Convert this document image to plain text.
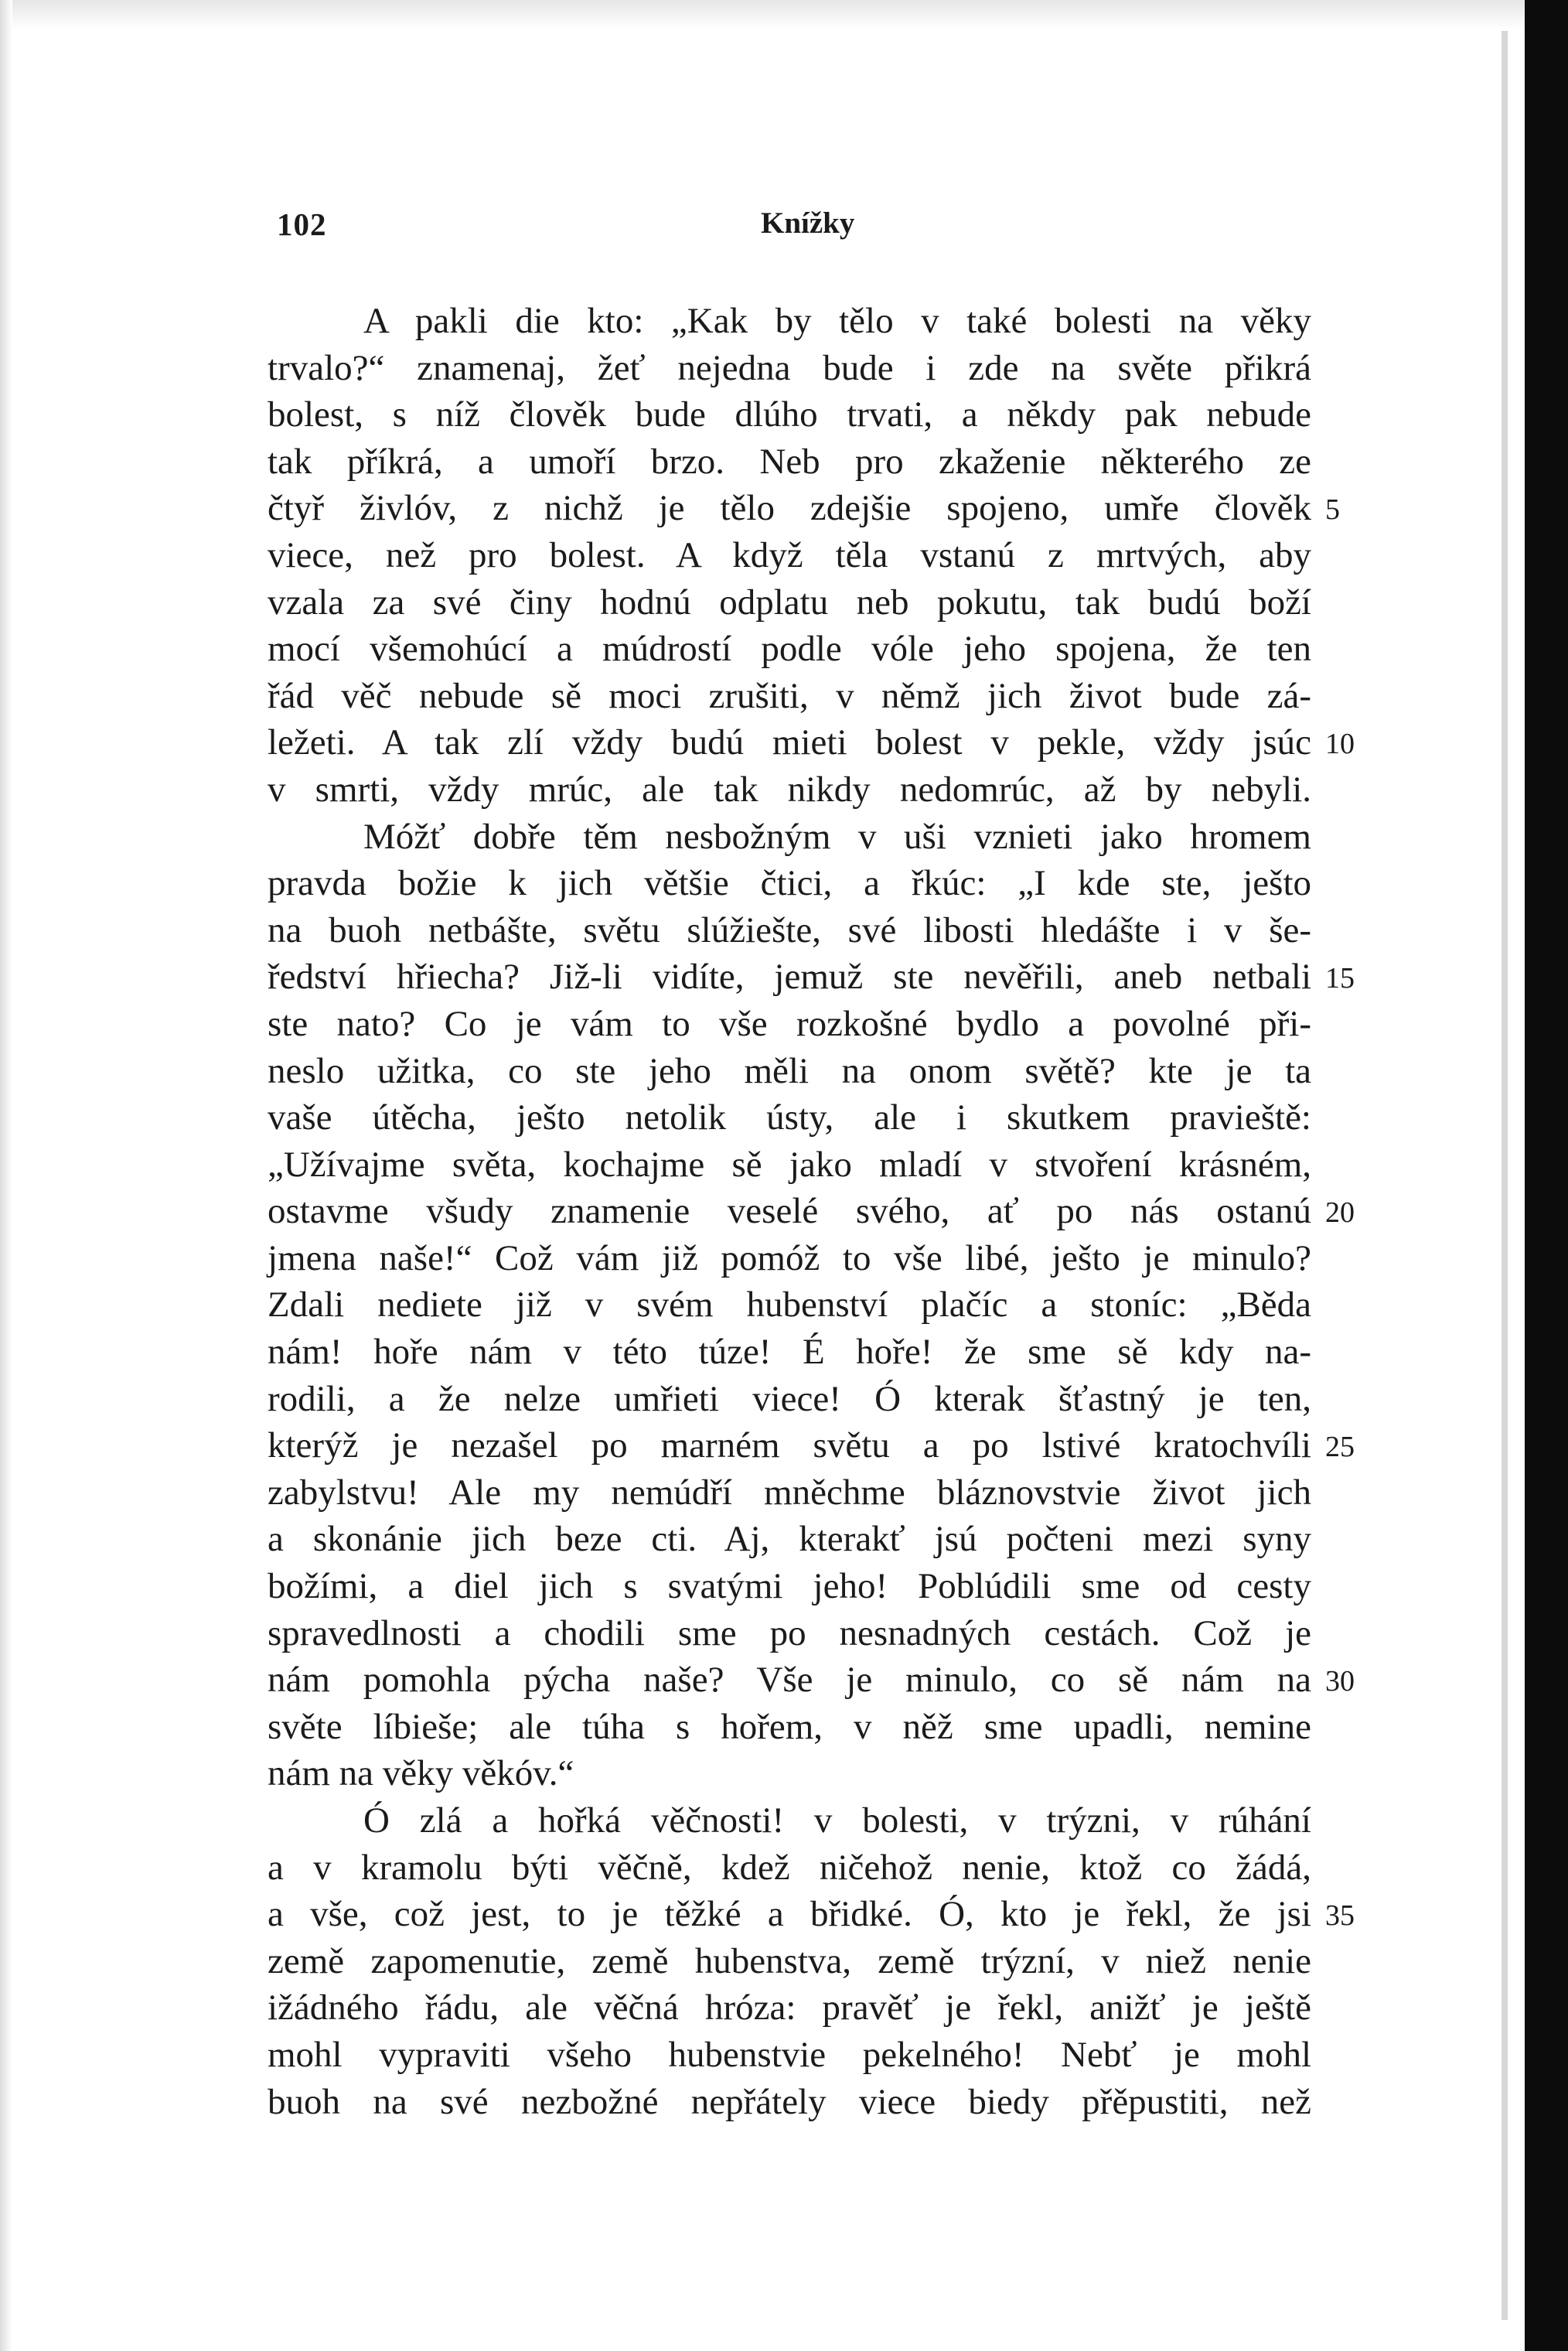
102	Knížky
A pakli die kto: „Kak by tělo v také bolesti na věky
trvalo?“ znamenaj, žeť nejedna bude i zde na světe přikrá
bolest, s níž člověk bude dlúho trvati, a někdy pak nebude
tak příkrá, a umoří brzo. Neb pro zkaženie některého ze
čtyř živlóv, z nichž je tělo zdejšie spojeno, umře člověk
viece, než pro bolest. A když těla vstanú z mrtvých, aby
vzala za své činy hodnú odplatu neb pokutu, tak budú boží
mocí všemohúcí a múdrostí podle vóle jeho spojena, že ten
řád věč nebude sě moci zrušiti, v němž jich život bude zá-
ležeti. A tak zlí vždy budú mieti bolest v pekle, vždy jsúc
v smrti, vždy mrúc, ale tak nikdy nedomrúc, až by nebyli.
Móžť dobře těm nesbožným v uši vznieti jako hromem
pravda božie k jich většie čtici, a řkúc: „I kde ste, ješto
na buoh netbášte, světu slúžiešte, své libosti hledášte i v še-
ředství hřiecha? Již-li vidíte, jemuž ste nevěřili, aneb netbali
ste nato? Co je vám to vše rozkošné bydlo a povolné při-
neslo užitka, co ste jeho měli na onom světě? kte je ta
vaše útěcha, ješto netolik ústy, ale i skutkem pravieště:
„Užívajme světa, kochajme sě jako mladí v stvoření krásném,
ostavme všudy znamenie veselé svého, ať po nás ostanú
jmena naše!“ Což vám již pomóž to vše libé, ješto je minulo?
Zdali nediete již v svém hubenství plačíc a stoníc: „Běda
nám! hoře nám v této túze! É hoře! že sme sě kdy na-
rodili, a že nelze umřieti viece! Ó kterak šťastný je ten,
kterýž je nezašel po marném světu a po lstivé kratochvíli
zabylstvu! Ale my nemúdří mněchme bláznovstvie život jich
a skonánie jich beze cti. Aj, kterakť jsú počteni mezi syny
božími, a diel jich s svatými jeho! Poblúdili sme od cesty
spravedlnosti a chodili sme po nesnadných cestách. Což je
nám pomohla pýcha naše? Vše je minulo, co sě nám na
světe líbieše; ale túha s hořem, v něž sme upadli, nemine
nám na věky věkóv.“
Ó zlá a hořká věčnosti! v bolesti, v trýzni, v rúhání
a v kramolu býti věčně, kdež ničehož nenie, ktož co žádá,
a vše, což jest, to je těžké a břidké. Ó, kto je řekl, že jsi
země zapomenutie, země hubenstva, země trýzní, v niež nenie
ižádného řádu, ale věčná hróza: pravěť je řekl, anižť je ještě
mohl vypraviti všeho hubenstvie pekelného! Nebť je mohl
buoh na své nezbožné nepřátely viece biedy přěpustiti, než
5
10
15
20
25
30
35
